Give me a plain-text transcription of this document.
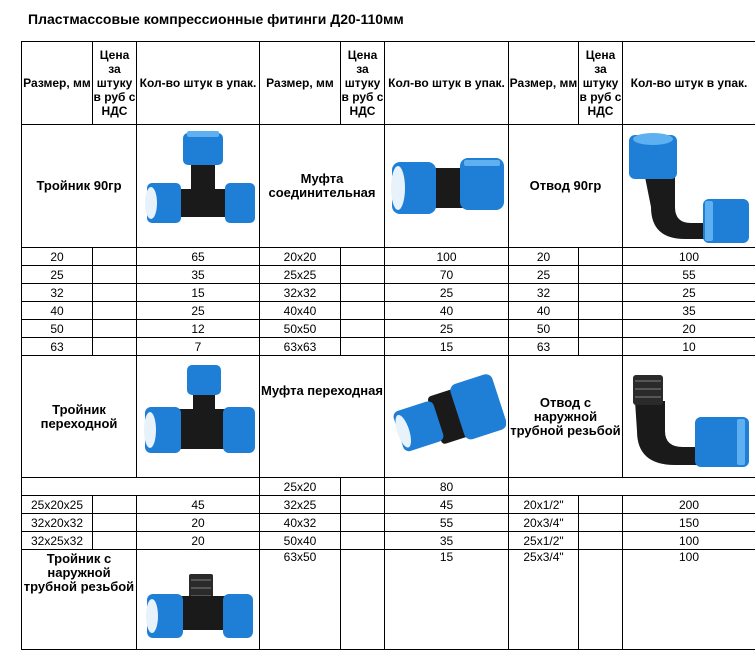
Пластмассовые компрессионные фитинги Д20-110мм
Размер, мм	Цена за штуку в руб с НДС	Кол-во штук в упак.	Размер, мм	Цена за штуку в руб с НДС	Кол-во штук в упак.	Размер, мм	Цена за штуку в руб с НДС	Кол-во штук в упак.
Тройник 90гр			Муфта соединительная			Отвод 90гр	

20		65	20х20		100	20		100
25		35	25х25		70	25		55
32		15	32х32		25	32		25
40		25	40х40		40	40		35
50		12	50х50		25	50		20
63		7	63х63		15	63		10
Тройник переходной			Муфта переходная			Отвод с наружной трубной резьбой	

			25х20		80			
25х20х25		45	32х25		45	20х1/2"		200
32х20х32		20	40х32		55	20х3/4"		150
32х25х32		20	50х40		35	25х1/2"		100
Тройник с наружной трубной резьбой			63х50		15	25х3/4"		100
